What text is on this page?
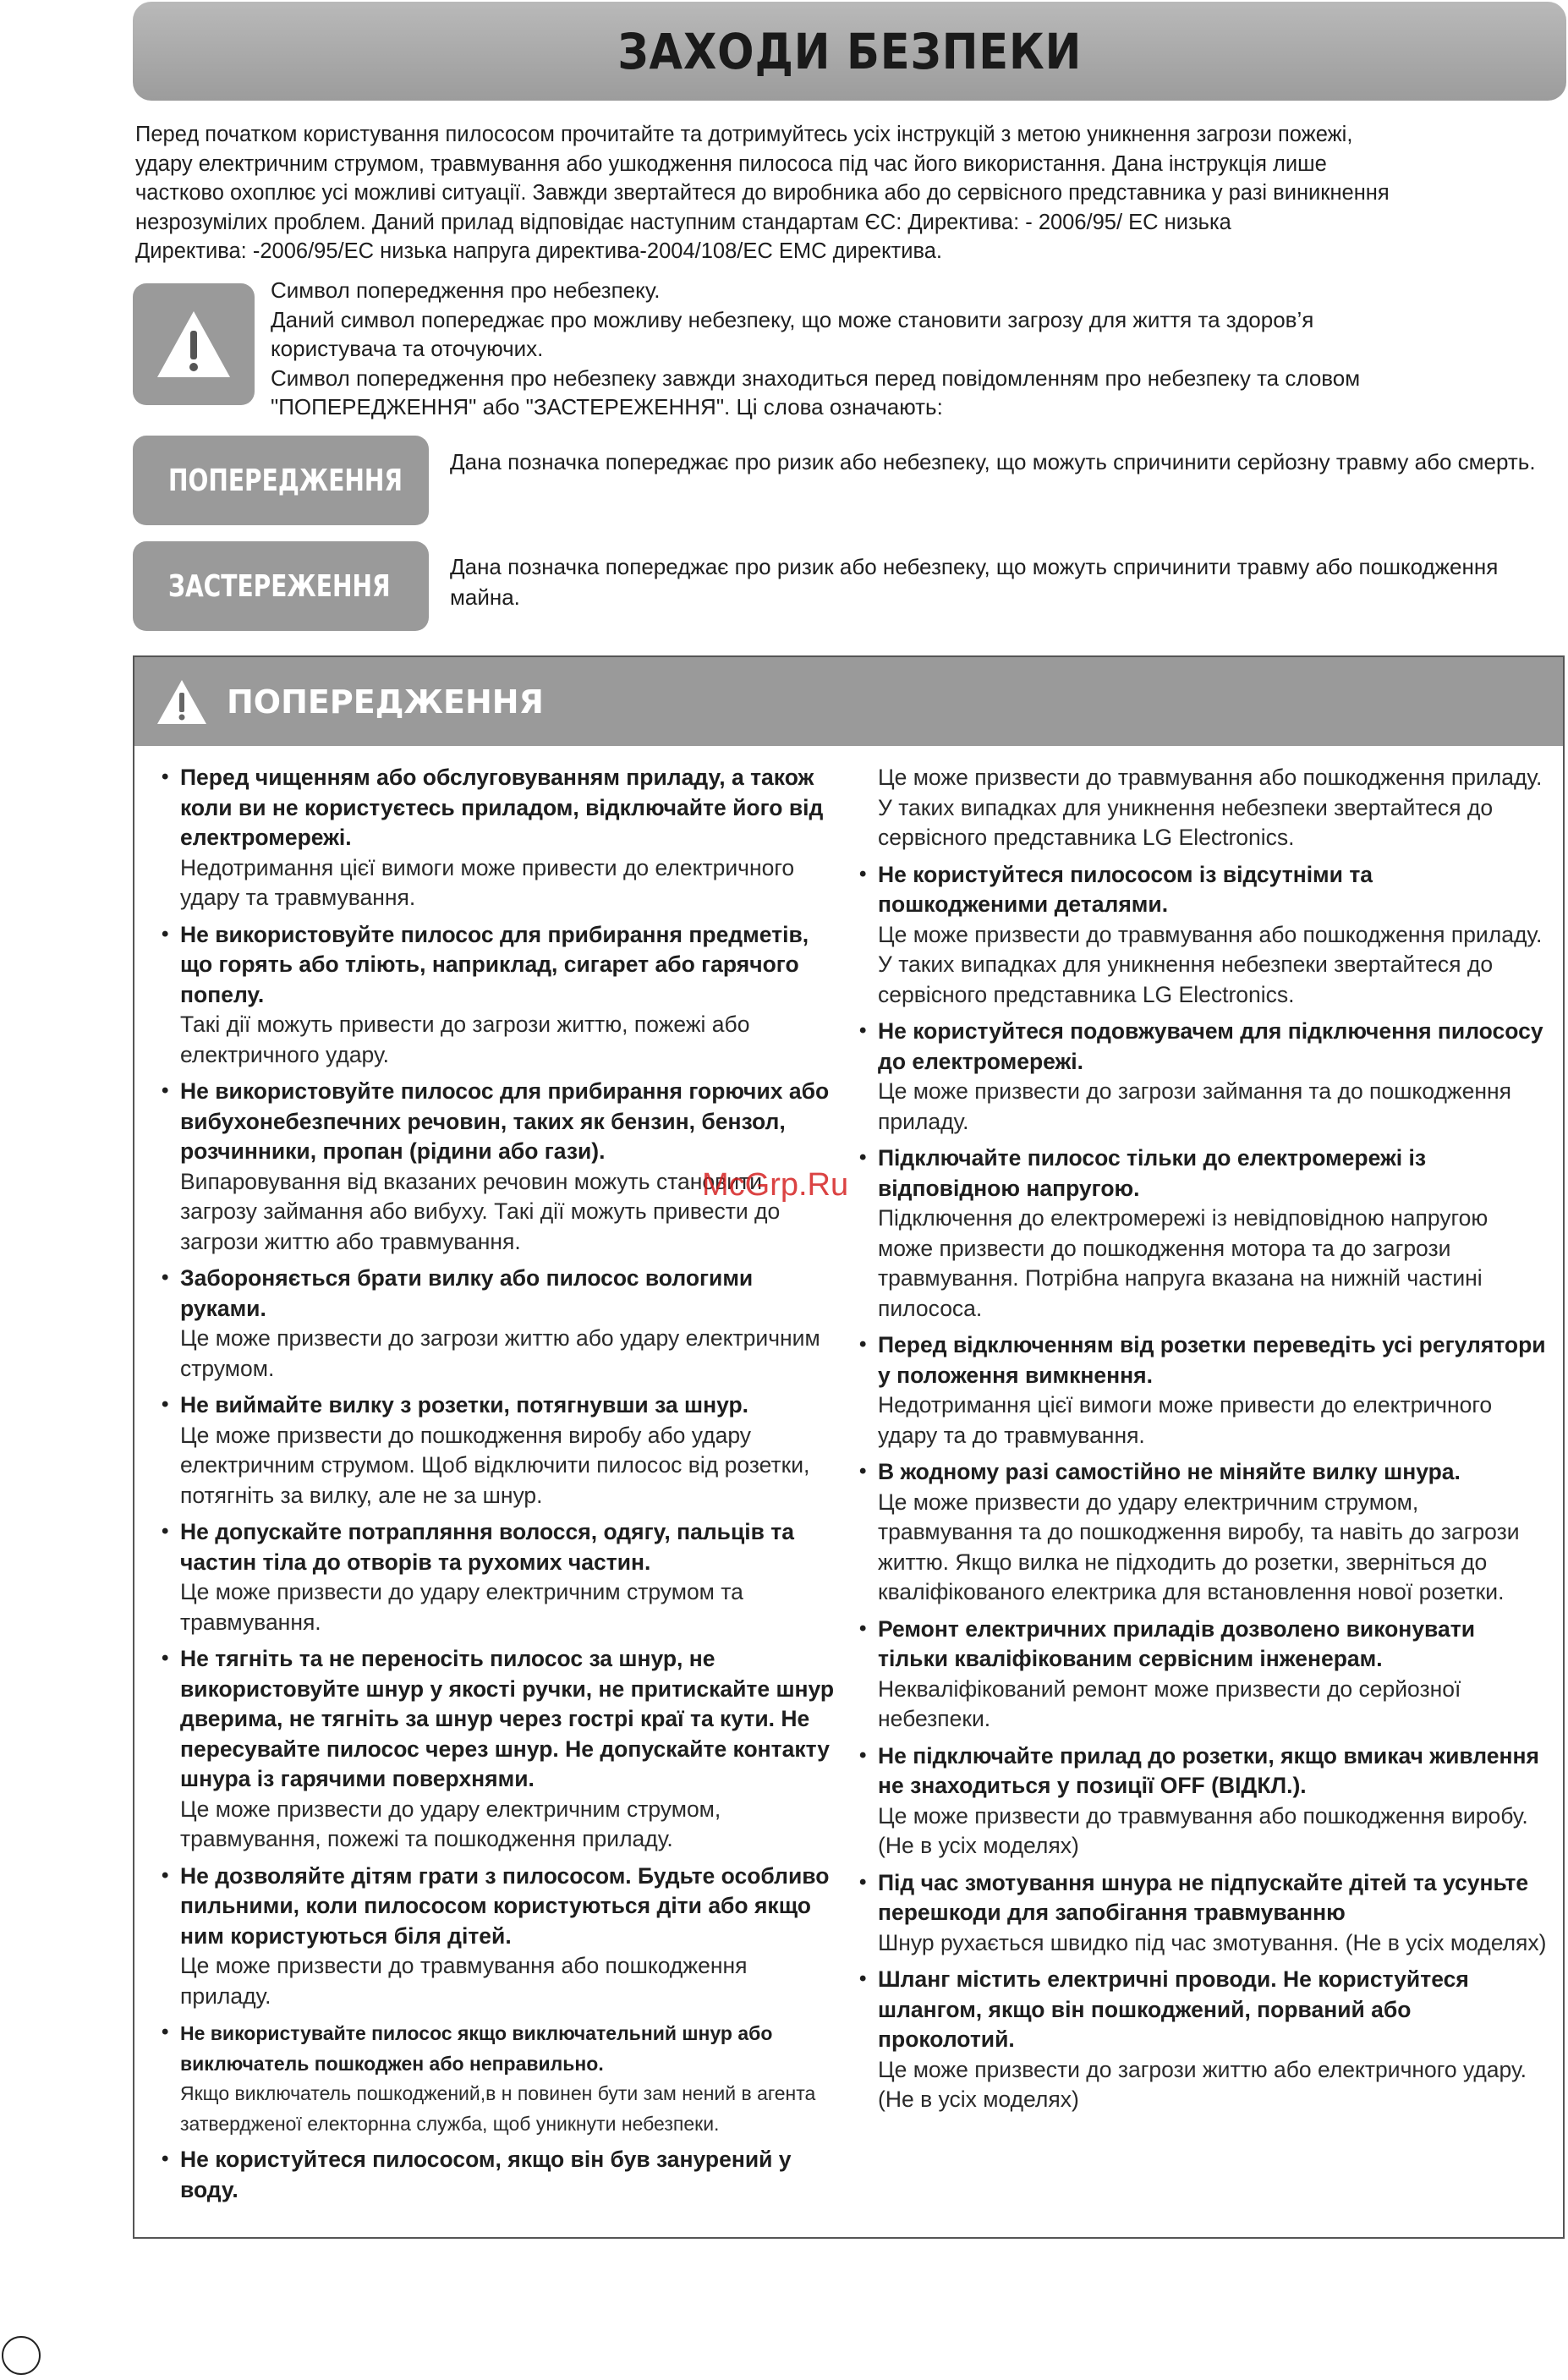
ЗАХОДИ БЕЗПЕКИ

Перед початком користування пилососом прочитайте та дотримуйтесь усіх інструкцій з метою уникнення загрози пожежі,

удару електричним струмом, травмування або ушкодження пилососа під час його використання. Дана інструкція лише

частково охоплює усі можливі ситуації. Завжди звертайтеся до виробника або до сервісного представника у разі виникнення

незрозумілих проблем. Даний прилад відповідає наступним стандартам ЄС: Директива: - 2006/95/ ЕС низька

Директива: -2006/95/ЕС низька напруга директива-2004/108/ЕС EMC директива.

Символ попередження про небезпеку.

Даний символ попереджає про можливу небезпеку, що може становити загрозу для життя та здоров’я

користувача та оточуючих.

Символ попередження про небезпеку завжди знаходиться перед повідомленням про небезпеку та словом

"ПОПЕРЕДЖЕННЯ" або "ЗАСТЕРЕЖЕННЯ". Ці слова означають:

ПОПЕРЕДЖЕННЯ
Дана позначка попереджає про ризик або небезпеку, що можуть спричинити серйозну травму або смерть.
ЗАСТЕРЕЖЕННЯ
Дана позначка попереджає про ризик або небезпеку, що можуть спричинити травму або пошкодження майна.
ПОПЕРЕДЖЕННЯ
• Перед чищенням або обслуговуванням приладу, а також коли ви не користуєтесь приладом, відключайте його від електромережі.
Недотримання цієї вимоги може привести до електричного удару та травмування.
• Не використовуйте пилосос для прибирання предметів, що горять або тліють, наприклад, сигарет або гарячого попелу.
Такі дії можуть привести до загрози життю, пожежі або електричного удару.
• Не використовуйте пилосос для прибирання горючих або вибухонебезпечних речовин, таких як бензин, бензол, розчинники, пропан (рідини або гази).
Випаровування від вказаних речовин можуть становити загрозу займання або вибуху. Такі дії можуть привести до загрози життю або травмування.
• Забороняється брати вилку або пилосос вологими руками.
Це може призвести до загрози життю або удару електричним струмом.
• Не виймайте вилку з розетки, потягнувши за шнур.
Це може призвести до пошкодження виробу або удару електричним струмом. Щоб відключити пилосос від розетки, потягніть за вилку, але не за шнур.
• Не допускайте потрапляння волосся, одягу, пальців та частин тіла до отворів та рухомих частин.
Це може призвести до удару електричним струмом та травмування.
• Не тягніть та не переносіть пилосос за шнур, не використовуйте шнур у якості ручки, не притискайте шнур дверима, не тягніть за шнур через гострі краї та кути. Не пересувайте пилосос через шнур. Не допускайте контакту шнура із гарячими поверхнями.
Це може призвести до удару електричним струмом, травмування, пожежі та пошкодження приладу.
• Не дозволяйте дітям грати з пилососом. Будьте особливо пильними, коли пилососом користуються діти або якщо ним користуються біля дітей.
Це може призвести до травмування або пошкодження приладу.
• Не використувайте пилосос якщо виключательний шнур або виключатель пошкоджен або неправильно.
Якщо виключатель пошкоджений,в н повинен бути зам нений в агента затвердженої електорнна служба, щоб уникнути небезпеки.
• Не користуйтеся пилососом, якщо він був занурений у воду.
Це може призвести до травмування або пошкодження приладу. У таких випадках для уникнення небезпеки звертайтеся до сервісного представника LG Electronics.
• Не користуйтеся пилососом із відсутніми та пошкодженими деталями.
Це може призвести до травмування або пошкодження приладу. У таких випадках для уникнення небезпеки звертайтеся до сервісного представника LG Electronics.
• Не користуйтеся подовжувачем для підключення пилососу до електромережі.
Це може призвести до загрози займання та до пошкодження приладу.
• Підключайте пилосос тільки до електромережі із відповідною напругою.
Підключення до електромережі із невідповідною напругою може призвести до пошкодження мотора та до загрози травмування. Потрібна напруга вказана на нижній частині пилососа.
• Перед відключенням від розетки переведіть усі регулятори у положення вимкнення.
Недотримання цієї вимоги може привести до електричного удару та до травмування.
• В жодному разі самостійно не міняйте вилку шнура.
Це може призвести до удару електричним струмом, травмування та до пошкодження виробу, та навіть до загрози життю. Якщо вилка не підходить до розетки, зверніться до кваліфікованого електрика для встановлення нової розетки.
• Ремонт електричних приладів дозволено виконувати тільки кваліфікованим сервісним інженерам.
Некваліфікований ремонт може призвести до серйозної небезпеки.
• Не підключайте прилад до розетки, якщо вмикач живлення не знаходиться у позиції OFF (ВІДКЛ.).
Це може призвести до травмування або пошкодження виробу.(Не в усіх моделях)
• Під час змотування шнура не підпускайте дітей та усуньте перешкоди для запобігання травмуванню
Шнур рухається швидко під час змотування. (Не в усіх моделях)
• Шланг містить електричні проводи. Не користуйтеся шлангом, якщо він пошкоджений, порваний або проколотий.
Це може призвести до загрози життю або електричного удару.(Не в усіх моделях)
McGrp.Ru
